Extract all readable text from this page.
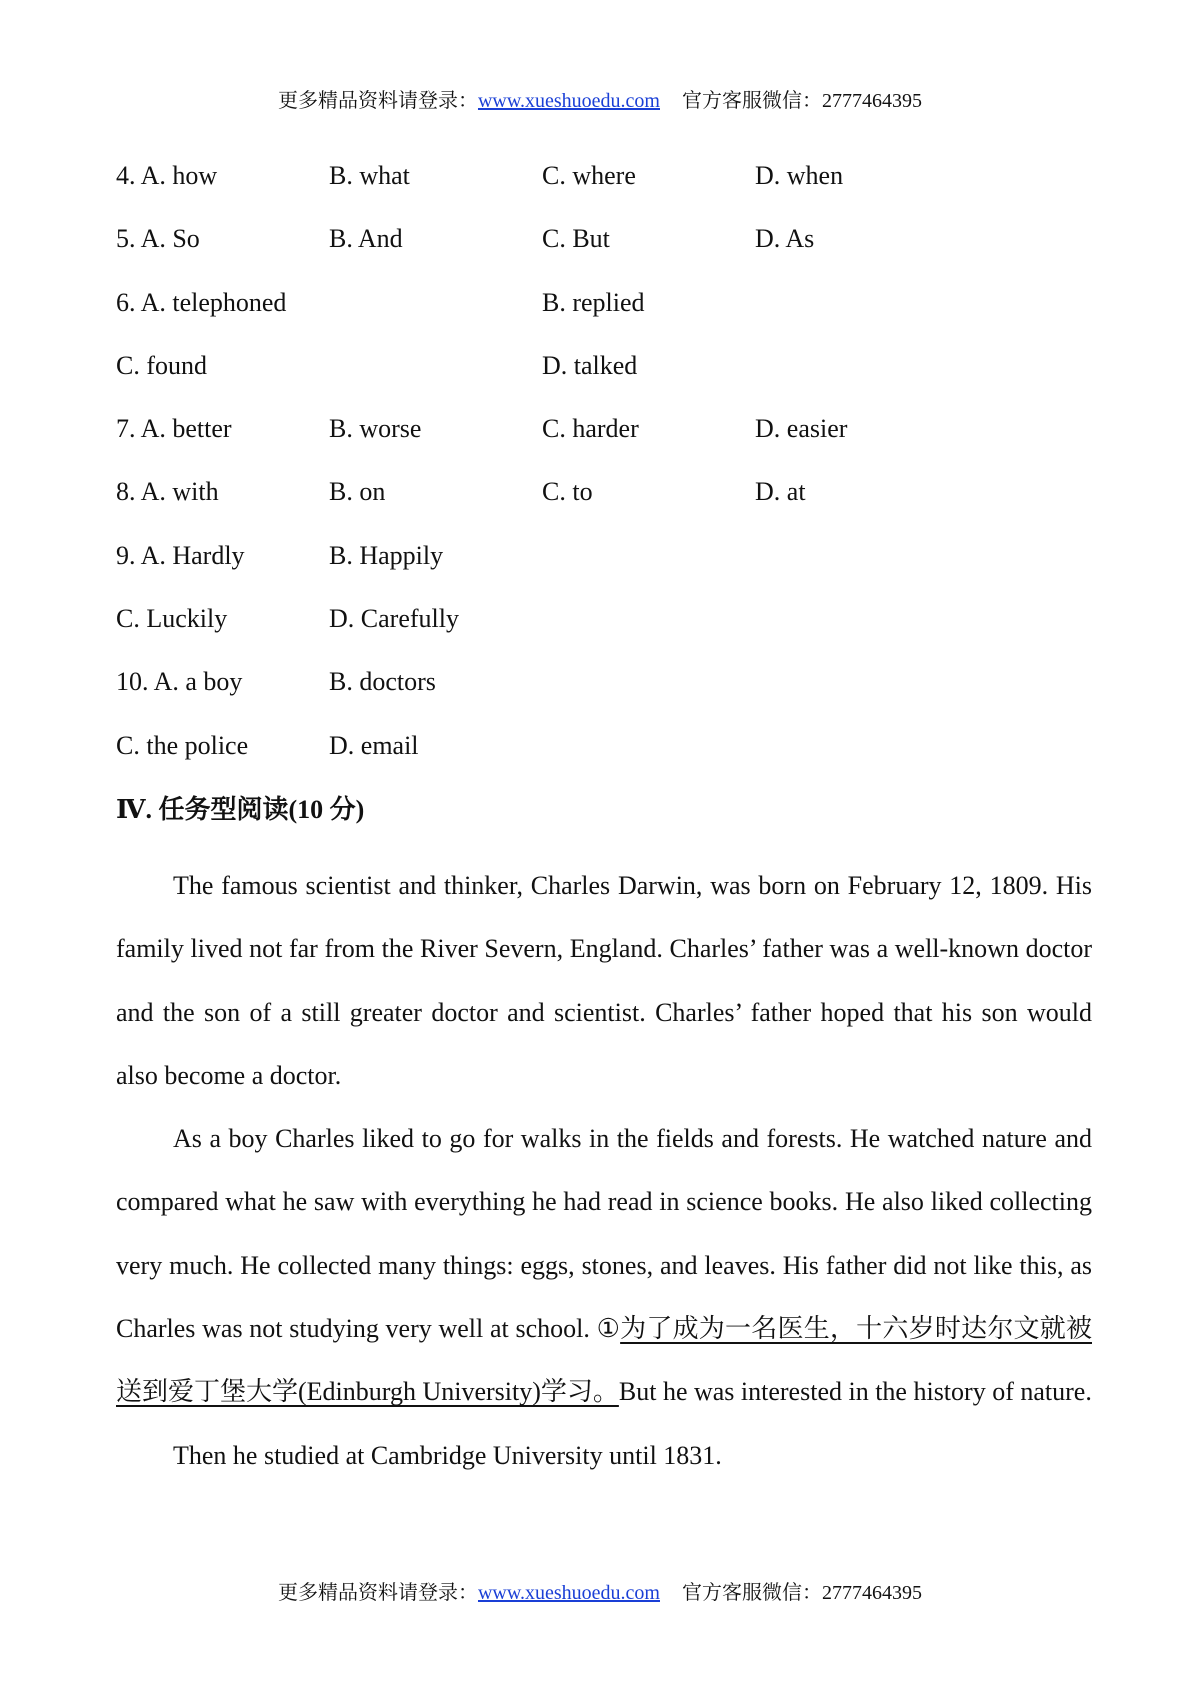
更多精品资料请登录：www.xueshuoedu.com 官方客服微信：2777464395
4. A. how	B. what	C. where	D. when
5. A. So	B. And	C. But	D. As
6. A. telephoned	B. replied
C. found	D. talked
7. A. better	B. worse	C. harder	D. easier
8. A. with	B. on	C. to	D. at
9. A. Hardly	B. Happily
C. Luckily	D. Carefully
10. A. a boy	B. doctors
C. the police	D. email
Ⅳ. 任务型阅读(10 分)

The famous scientist and thinker, Charles Darwin, was born on February 12, 1809. His family lived not far from the River Severn, England. Charles’ father was a well-known doctor and the son of a still greater doctor and scientist. Charles’ father hoped that his son would also become a doctor.

As a boy Charles liked to go for walks in the fields and forests. He watched nature and compared what he saw with everything he had read in science books. He also liked collecting very much. He collected many things: eggs, stones, and leaves. His father did not like this, as Charles was not studying very well at school. ①为了成为一名医生，十六岁时达尔文就被送到爱丁堡大学(Edinburgh University)学习。But he was interested in the history of nature.

Then he studied at Cambridge University until 1831.

更多精品资料请登录：www.xueshuoedu.com 官方客服微信：2777464395
